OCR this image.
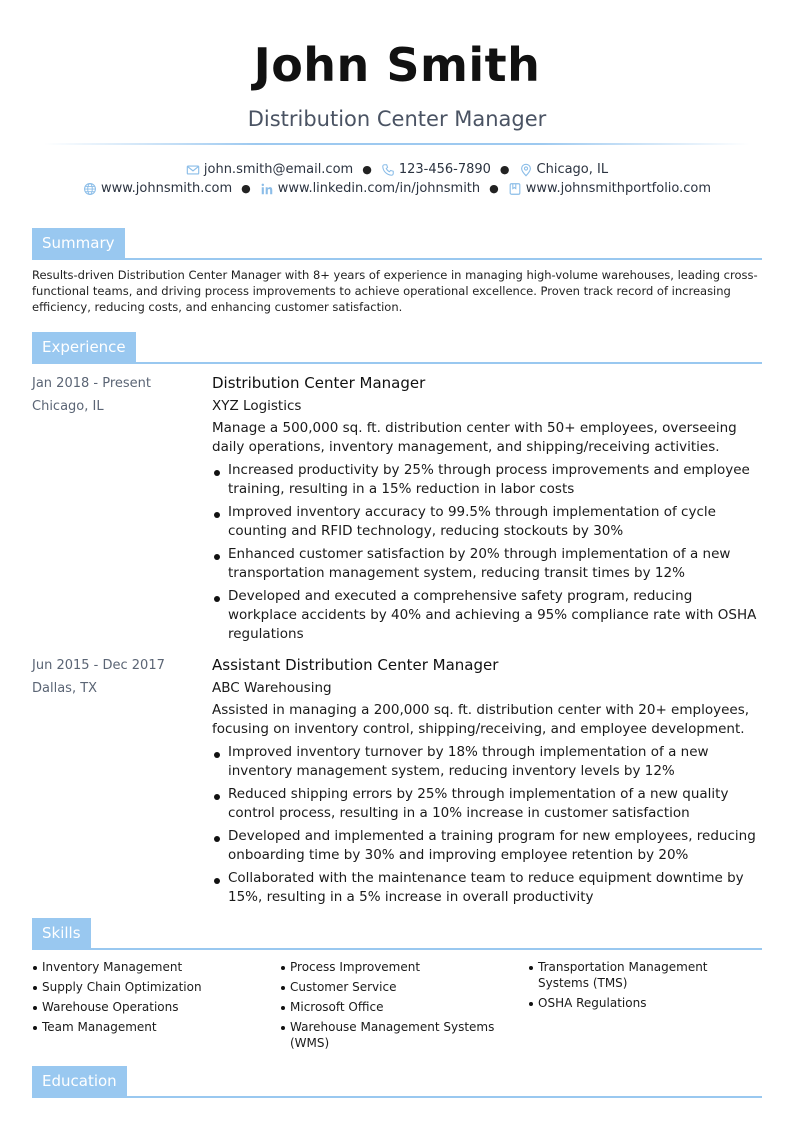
John Smith
Distribution Center Manager
john.smith@email.com ● 123-456-7890 ● Chicago, IL
www.johnsmith.com ● www.linkedin.com/in/johnsmith ● www.johnsmithportfolio.com
Summary
Results-driven Distribution Center Manager with 8+ years of experience in managing high-volume warehouses, leading cross-functional teams, and driving process improvements to achieve operational excellence. Proven track record of increasing efficiency, reducing costs, and enhancing customer satisfaction.
Experience
Jan 2018 - Present
Chicago, IL
Distribution Center Manager
XYZ Logistics
Manage a 500,000 sq. ft. distribution center with 50+ employees, overseeing daily operations, inventory management, and shipping/receiving activities.
Increased productivity by 25% through process improvements and employee training, resulting in a 15% reduction in labor costs
Improved inventory accuracy to 99.5% through implementation of cycle counting and RFID technology, reducing stockouts by 30%
Enhanced customer satisfaction by 20% through implementation of a new transportation management system, reducing transit times by 12%
Developed and executed a comprehensive safety program, reducing workplace accidents by 40% and achieving a 95% compliance rate with OSHA regulations
Jun 2015 - Dec 2017
Dallas, TX
Assistant Distribution Center Manager
ABC Warehousing
Assisted in managing a 200,000 sq. ft. distribution center with 20+ employees, focusing on inventory control, shipping/receiving, and employee development.
Improved inventory turnover by 18% through implementation of a new inventory management system, reducing inventory levels by 12%
Reduced shipping errors by 25% through implementation of a new quality control process, resulting in a 10% increase in customer satisfaction
Developed and implemented a training program for new employees, reducing onboarding time by 30% and improving employee retention by 20%
Collaborated with the maintenance team to reduce equipment downtime by 15%, resulting in a 5% increase in overall productivity
Skills
Inventory Management
Supply Chain Optimization
Warehouse Operations
Team Management
Process Improvement
Customer Service
Microsoft Office
Warehouse Management Systems (WMS)
Transportation Management Systems (TMS)
OSHA Regulations
Education
